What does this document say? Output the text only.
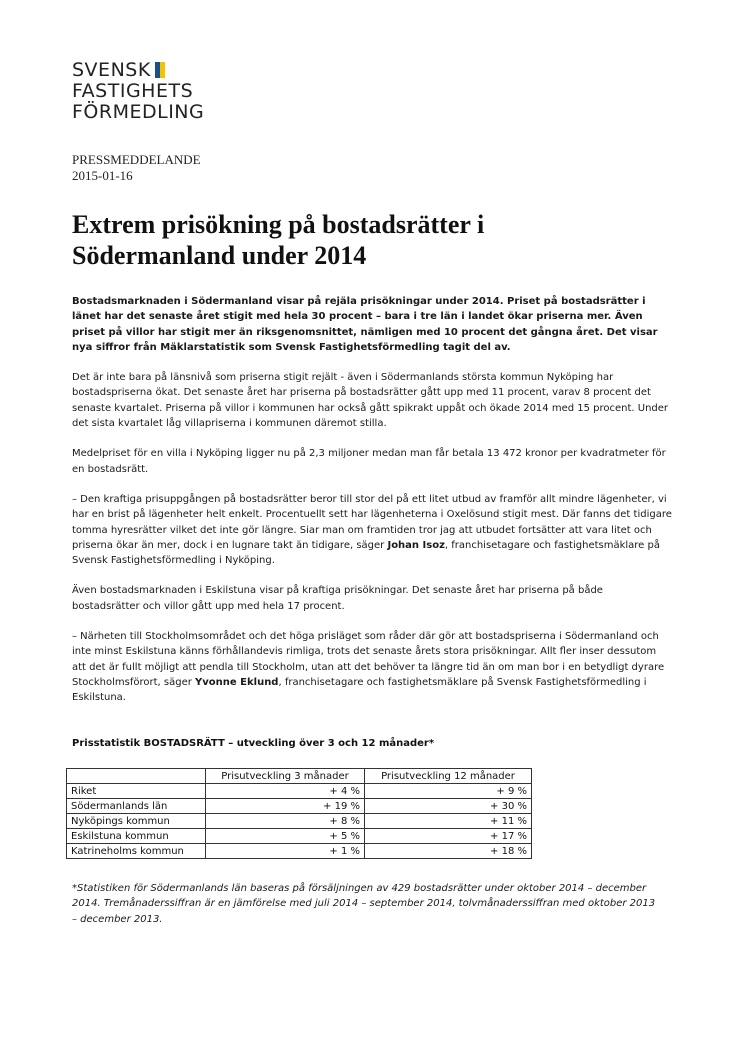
SVENSK
FASTIGHETS
FÖRMEDLING
PRESSMEDDELANDE
2015-01-16
Extrem prisökning på bostadsrätter i Södermanland under 2014

Bostadsmarknaden i Södermanland visar på rejäla prisökningar under 2014. Priset på bostadsrätter i länet har det senaste året stigit med hela 30 procent – bara i tre län i landet ökar priserna mer. Även priset på villor har stigit mer än riksgenomsnittet, nämligen med 10 procent det gångna året. Det visar nya siffror från Mäklarstatistik som Svensk Fastighetsförmedling tagit del av.

Det är inte bara på länsnivå som priserna stigit rejält - även i Södermanlands största kommun Nyköping har bostadspriserna ökat. Det senaste året har priserna på bostadsrätter gått upp med 11 procent, varav 8 procent det senaste kvartalet. Priserna på villor i kommunen har också gått spikrakt uppåt och ökade 2014 med 15 procent. Under det sista kvartalet låg villapriserna i kommunen däremot stilla.

Medelpriset för en villa i Nyköping ligger nu på 2,3 miljoner medan man får betala 13 472 kronor per kvadratmeter för en bostadsrätt.

– Den kraftiga prisuppgången på bostadsrätter beror till stor del på ett litet utbud av framför allt mindre lägenheter, vi har en brist på lägenheter helt enkelt. Procentuellt sett har lägenheterna i Oxelösund stigit mest. Där fanns det tidigare tomma hyresrätter vilket det inte gör längre. Siar man om framtiden tror jag att utbudet fortsätter att vara litet och priserna ökar än mer, dock i en lugnare takt än tidigare, säger Johan Isoz, franchisetagare och fastighetsmäklare på Svensk Fastighetsförmedling i Nyköping.

Även bostadsmarknaden i Eskilstuna visar på kraftiga prisökningar. Det senaste året har priserna på både bostadsrätter och villor gått upp med hela 17 procent.

– Närheten till Stockholmsområdet och det höga prisläget som råder där gör att bostadspriserna i Södermanland och inte minst Eskilstuna känns förhållandevis rimliga, trots det senaste årets stora prisökningar. Allt fler inser dessutom att det är fullt möjligt att pendla till Stockholm, utan att det behöver ta längre tid än om man bor i en betydligt dyrare Stockholmsförort, säger Yvonne Eklund, franchisetagare och fastighetsmäklare på Svensk Fastighetsförmedling i Eskilstuna.

Prisstatistik BOSTADSRÄTT – utveckling över 3 och 12 månader*
	Prisutveckling 3 månader	Prisutveckling 12 månader
Riket	+ 4 %	+ 9 %
Södermanlands län	+ 19 %	+ 30 %
Nyköpings kommun	+ 8 %	+ 11 %
Eskilstuna kommun	+ 5 %	+ 17 %
Katrineholms kommun	+ 1 %	+ 18 %
*Statistiken för Södermanlands län baseras på försäljningen av 429 bostadsrätter under oktober 2014 – december 2014. Tremånaderssiffran är en jämförelse med juli 2014 – september 2014, tolvmånaderssiffran med oktober 2013 – december 2013.
